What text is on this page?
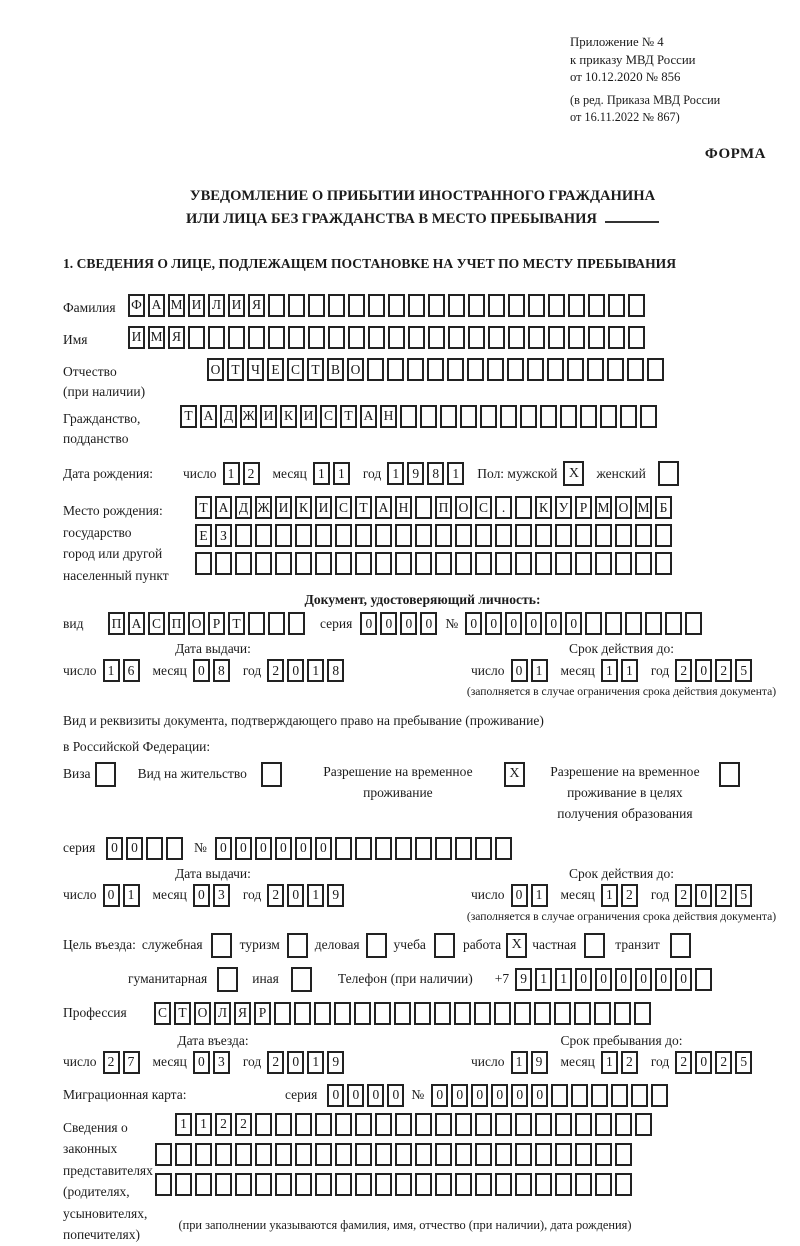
Приложение № 4
к приказу МВД России
от 10.12.2020 № 856
(в ред. Приказа МВД России
от 16.11.2022 № 867)
ФОРМА
УВЕДОМЛЕНИЕ О ПРИБЫТИИ ИНОСТРАННОГО ГРАЖДАНИНА
ИЛИ ЛИЦА БЕЗ ГРАЖДАНСТВА В МЕСТО ПРЕБЫВАНИЯ
1. СВЕДЕНИЯ О ЛИЦЕ, ПОДЛЕЖАЩЕМ ПОСТАНОВКЕ НА УЧЕТ ПО МЕСТУ ПРЕБЫВАНИЯ
Фамилия	Ф А М И Л И Я
Имя	И М Я
Отчество
(при наличии)
О Т Ч Е С Т В О
Гражданство,
подданство
Т А Д Ж И К И С Т А Н
Дата рождения:	число 1 2	месяц 1 1	год 1 9 8 1	Пол: мужской X	женский
Место рождения:
государство
город или другой
населенный пункт
Т А Д Ж И К И С Т А Н П О С	.	К У Р М О М Б
Е З
Документ, удостоверяющий личность:
вид	П А С П О Р Т	серия 0 0 0 0 № 0 0 0 0 0 0
Дата выдачи:
число 1 6	месяц 0 8	год 2 0 1 8
Срок действия до:
число 0 1	месяц 1 1	год 2 0 2 5
(заполняется в случае ограничения срока действия документа)
Вид и реквизиты документа, подтверждающего право на пребывание (проживание)
в Российской Федерации:
Виза	Вид на жительство	Разрешение на временное проживание
X	Разрешение на временное проживание в целях получения образования
серия	0 0	№ 0 0 0 0 0 0
Дата выдачи:
число 0 1	месяц 0 3	год 2 0 1 9
Срок действия до:
число 0 1	месяц 1 2	год 2 0 2 5
(заполняется в случае ограничения срока действия документа)
Цель въезда: служебная	туризм	деловая	учеба	работа X частная	транзит
гуманитарная	иная	Телефон (при наличии) +7 9 1 1 0 0 0 0 0 0
Профессия	С Т О Л Я Р
Дата въезда:
число 2 7	месяц 0 3	год 2 0 1 9
Срок пребывания до:
число 1 9	месяц 1 2	год 2 0 2 5
Миграционная карта:	серия	0 0 0 0 № 0 0 0 0 0 0
Сведения о
законных
представителях
(родителях,
усыновителях,
попечителях)
1 1 2 2
(при заполнении указываются фамилия, имя, отчество (при наличии), дата рождения)
